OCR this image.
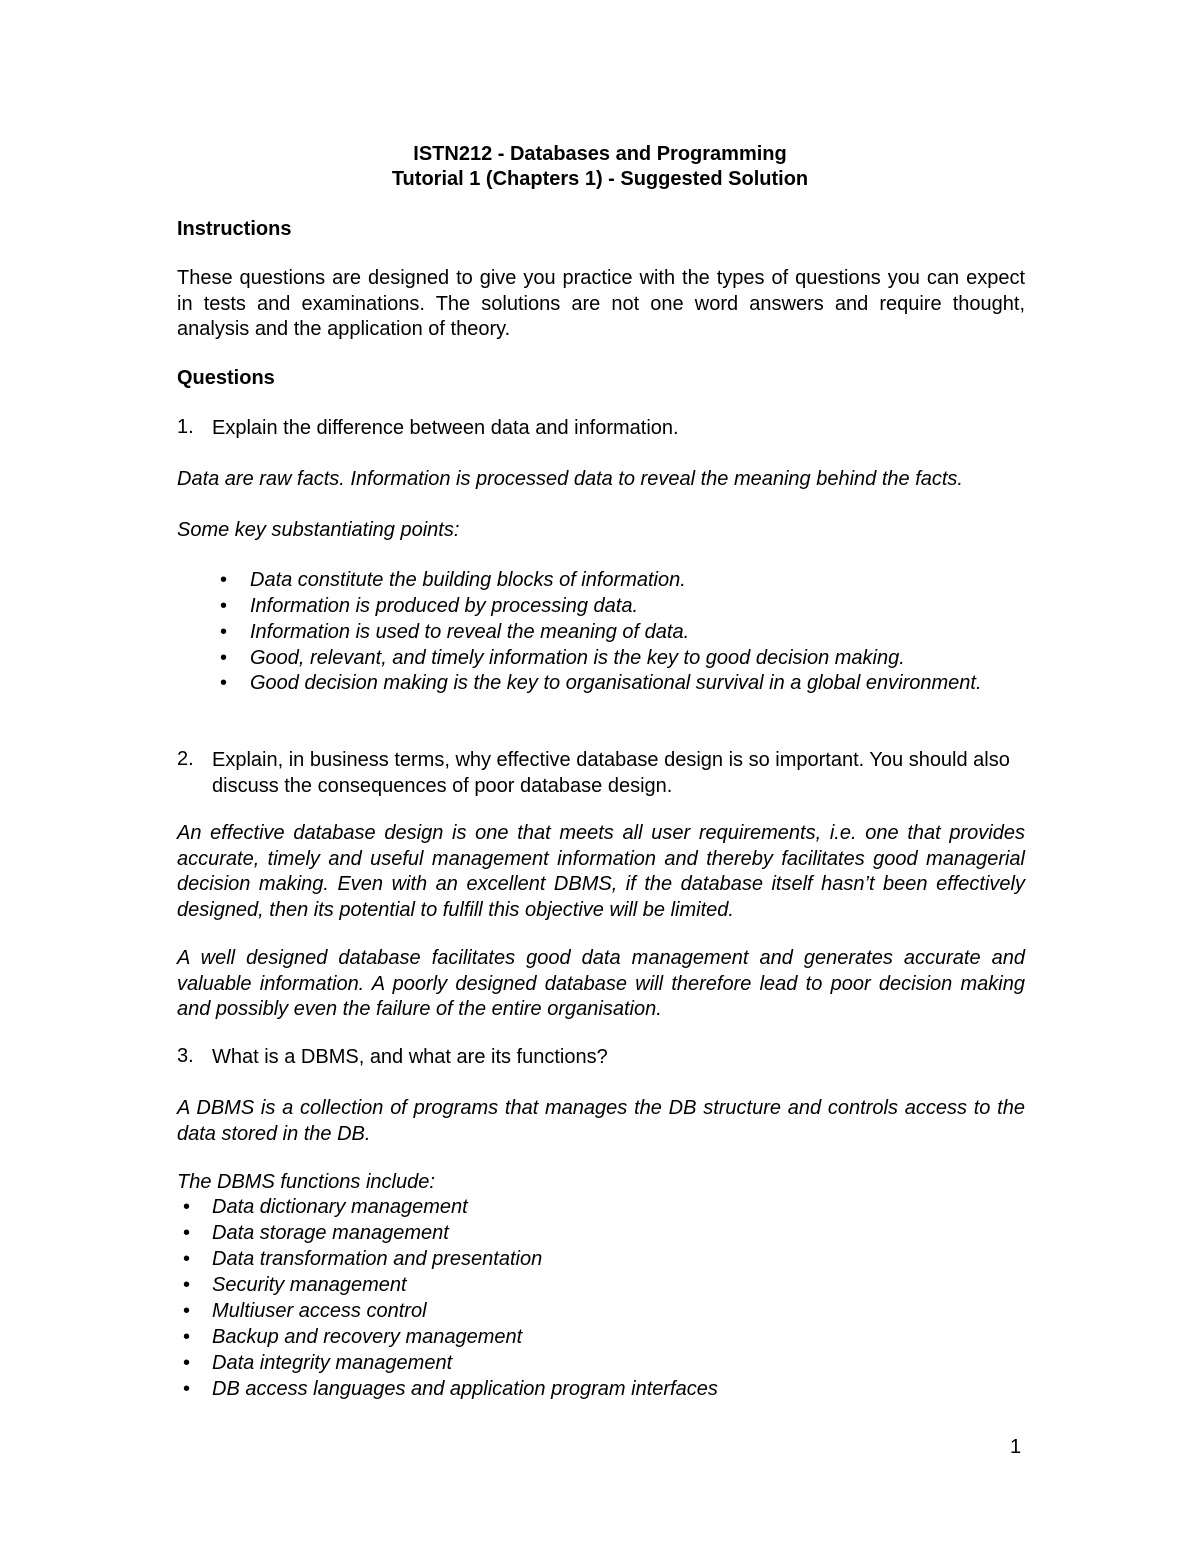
ISTN212 - Databases and Programming
Tutorial 1 (Chapters 1) - Suggested Solution
Instructions
These questions are designed to give you practice with the types of questions you can expect in tests and examinations. The solutions are not one word answers and require thought, analysis and the application of theory.
Questions
1. Explain the difference between data and information.
Data are raw facts. Information is processed data to reveal the meaning behind the facts.
Some key substantiating points:
• Data constitute the building blocks of information.
• Information is produced by processing data.
• Information is used to reveal the meaning of data.
• Good, relevant, and timely information is the key to good decision making.
• Good decision making is the key to organisational survival in a global environment.
2. Explain, in business terms, why effective database design is so important. You should also discuss the consequences of poor database design.
An effective database design is one that meets all user requirements, i.e. one that provides accurate, timely and useful management information and thereby facilitates good managerial decision making. Even with an excellent DBMS, if the database itself hasn’t been effectively designed, then its potential to fulfill this objective will be limited.
A well designed database facilitates good data management and generates accurate and valuable information. A poorly designed database will therefore lead to poor decision making and possibly even the failure of the entire organisation.
3. What is a DBMS, and what are its functions?
A DBMS is a collection of programs that manages the DB structure and controls access to the data stored in the DB.
The DBMS functions include:
• Data dictionary management
• Data storage management
• Data transformation and presentation
• Security management
• Multiuser access control
• Backup and recovery management
• Data integrity management
• DB access languages and application program interfaces
1
